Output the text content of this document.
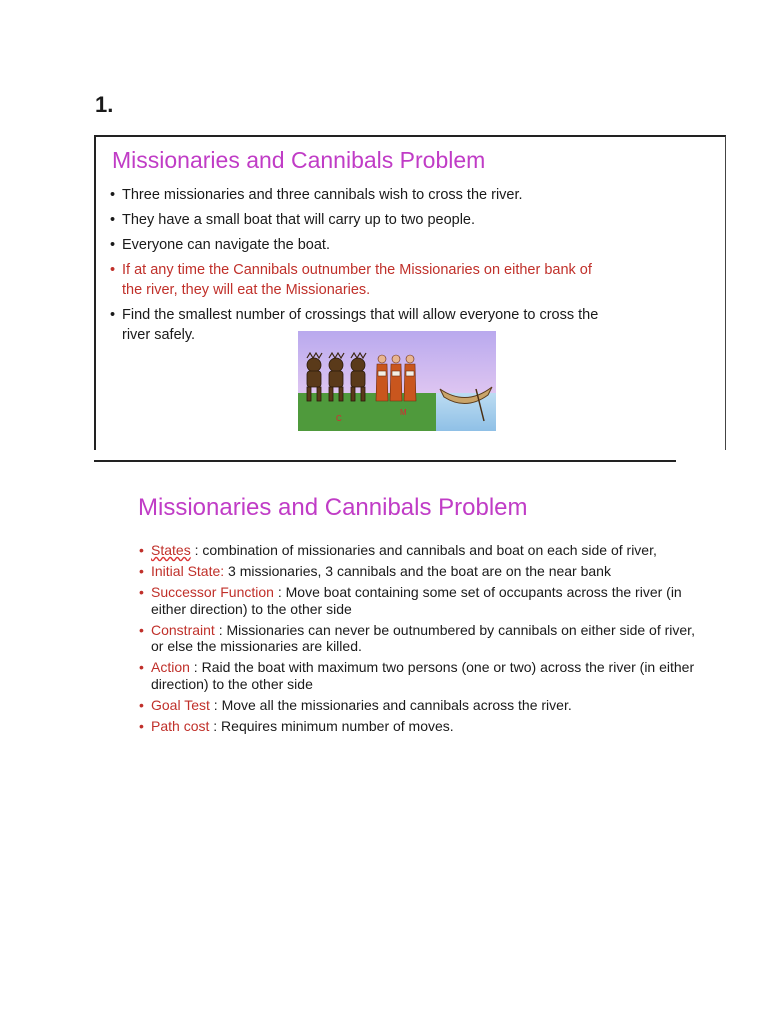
1.
Missionaries and Cannibals Problem
• Three missionaries and three cannibals wish to cross the river.
• They have a small boat that will carry up to two people.
• Everyone can navigate the boat.
• If at any time the Cannibals outnumber the Missionaries on either bank of the river, they will eat the Missionaries.
• Find the smallest number of crossings that will allow everyone to cross the river safely.
C
M
Missionaries and Cannibals Problem
• States : combination of missionaries and cannibals and boat on each side of river,
• Initial State: 3 missionaries, 3 cannibals and the boat are on the near bank
• Successor Function : Move boat containing some set of occupants across the river (in either direction) to the other side
• Constraint : Missionaries can never be outnumbered by cannibals on either side of river, or else the missionaries are killed.
• Action : Raid the boat with maximum two persons (one or two) across the river (in either direction) to the other side
• Goal Test : Move all the missionaries and cannibals across the river.
• Path cost : Requires minimum number of moves.
